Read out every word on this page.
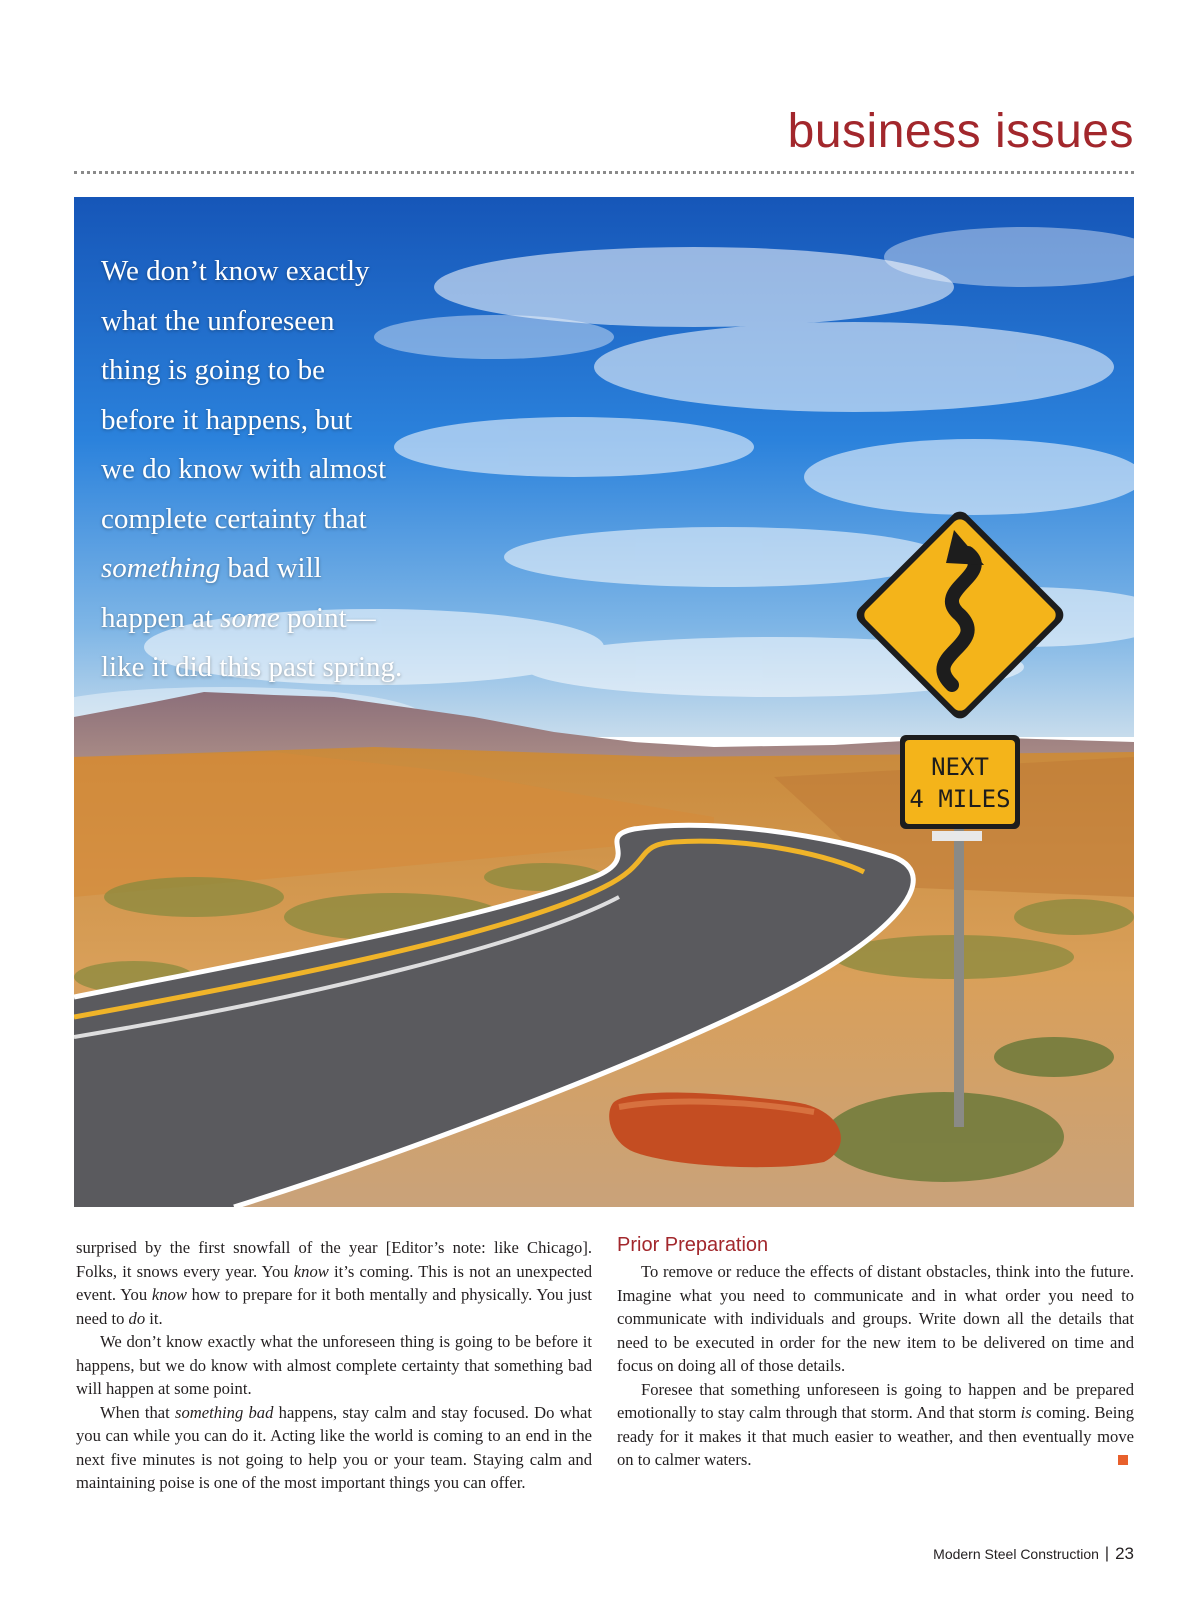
business issues
NEXT
4 MILES
We don’t know exactly
what the unforeseen
thing is going to be
before it happens, but
we do know with almost
complete certainty that
something bad will
happen at some point—
like it did this past spring.

surprised by the first snowfall of the year [Editor’s note: like Chicago]. Folks, it snows every year. You know it’s coming. This is not an unexpected event. You know how to prepare for it both mentally and physically. You just need to do it.

We don’t know exactly what the unforeseen thing is going to be before it happens, but we do know with almost complete certainty that something bad will happen at some point.

When that something bad happens, stay calm and stay focused. Do what you can while you can do it. Acting like the world is coming to an end in the next five minutes is not going to help you or your team. Staying calm and maintaining poise is one of the most important things you can offer.

Prior Preparation

To remove or reduce the effects of distant obstacles, think into the future. Imagine what you need to communicate and in what order you need to communicate with individuals and groups. Write down all the details that need to be executed in order for the new item to be delivered on time and focus on doing all of those details.

Foresee that something unforeseen is going to happen and be prepared emotionally to stay calm through that storm. And that storm is coming. Being ready for it makes it that much easier to weather, and then eventually move on to calmer waters.

Modern Steel Construction | 23
